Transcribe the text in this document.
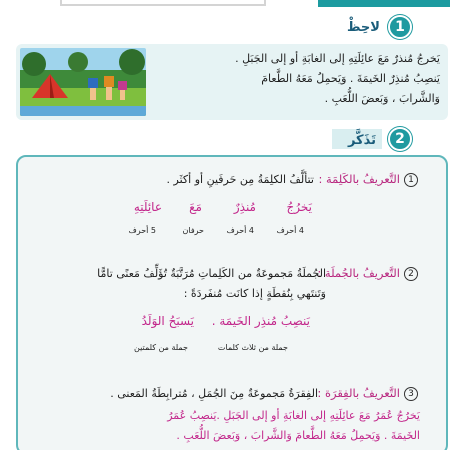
1
لاحِظْ
يَخرجُ مُنذرٌ مَعَ عائِلَتِهِ إلى الغابَةِ أو إلى الجَبَلِ .
يَنصِبُ مُنذِرٌ الخَيمَةَ . وَيَحمِلُ مَعَهُ الطَّعامَ
وَالشَّرابَ ، وَبَعضَ اللُّعَبِ .
2
تَذَكَّر
1التَّعريفُ بالكَلِمَة :
تتألَّفُ الكلِمَةُ مِن حَرفَينِ أو أكثَر .
يَخرُجُ
مُنذِرٌ
مَعَ
عائِلَتِهِ
4 أحرف
4 أحرف
حرفان
5 أحرف
2التَّعريفُ بالجُملَة :
الجُملَةُ مَجموعَةٌ من الكَلِماتِ مُرَتَّبَةٌ تُؤَلِّفُ مَعنًى تامًّا
وَتَنتَهي بِنُقطَةٍ إذا كانَت مُنفَردَةً :
يَنصِبُ مُنذِر الخَيمَة .
يَسبَحُ الوَلَدُ
جملة من ثلاث كلمات
جملة من كلمتين
3التَّعريفُ بالفِقرَة :
الفِقرَةُ مَجموعَةٌ مِنَ الجُمَلِ ، مُترابِطَةُ المَعنى .
يَخرُجُ عُمَرُ مَعَ عائِلَتِهِ إلى الغابَةِ أو إلى الجَبَلِ .يَنصِبُ عُمَرُ
الخَيمَةَ . وَيَحمِلُ مَعَهُ الطَّعامَ وَالشَّرابَ ، وَبَعضَ اللُّعَبِ .
